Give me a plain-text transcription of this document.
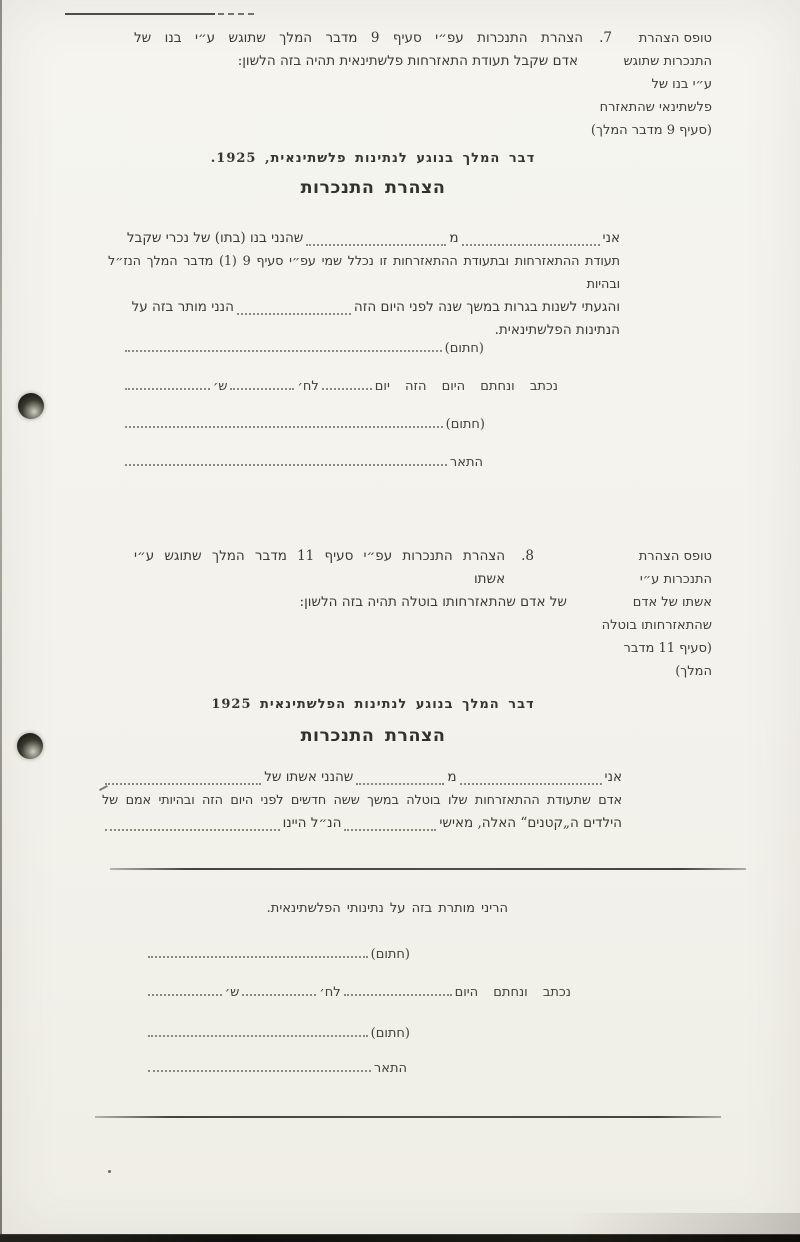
טופס הצהרת
התנכרות שתוגש
ע״י בנו של
פלשתינאי שהתאזרח
(סעיף 9 מדבר המלך)
7.
הצהרת התנכרות עפ״י סעיף 9 מדבר המלך שתוגש ע״י בנו של
אדם שקבל תעודת התאזרחות פלשתינאית תהיה בזה הלשון:
דבר המלך בנוגע לנתינות פלשתינאית, 1925.
הצהרת התנכרות
אני
מ
שהנני בנו (בתו) של נכרי שקבל
תעודת ההתאזרחות ובתעודת ההתאזרחות זו נכלל שמי עפ״י סעיף 9 (1) מדבר המלך הנז״ל ובהיות
והגעתי לשנות בגרות במשך שנה לפני היום הזה
הנני מותר בזה על
הנתינות הפלשתינאית.
(חתום)
נכתב ונחתם היום הזה יום
לח׳
ש׳
(חתום)
התאר
טופס הצהרת
התנכרות ע״י
אשתו של אדם
שהתאזרחותו בוטלה
(סעיף 11 מדבר
המלך)
8.
הצהרת התנכרות עפ״י סעיף 11 מדבר המלך שתוגש ע״י אשתו
של אדם שהתאזרחותו בוטלה תהיה בזה הלשון:
דבר המלך בנוגע לנתינות הפלשתינאית 1925
הצהרת התנכרות
אני
מ
שהנני אשתו של
אדם שתעודת ההתאזרחות שלו בוטלה במשך ששה חדשים לפני היום הזה ובהיותי אמם של
הילדים ה„קטנים“ האלה, מאישי
הנ״ל היינו
הריני מותרת בזה על נתינותי הפלשתינאית.
(חתום)
נכתב ונחתם היום
לח׳
ש׳
(חתום)
התאר
